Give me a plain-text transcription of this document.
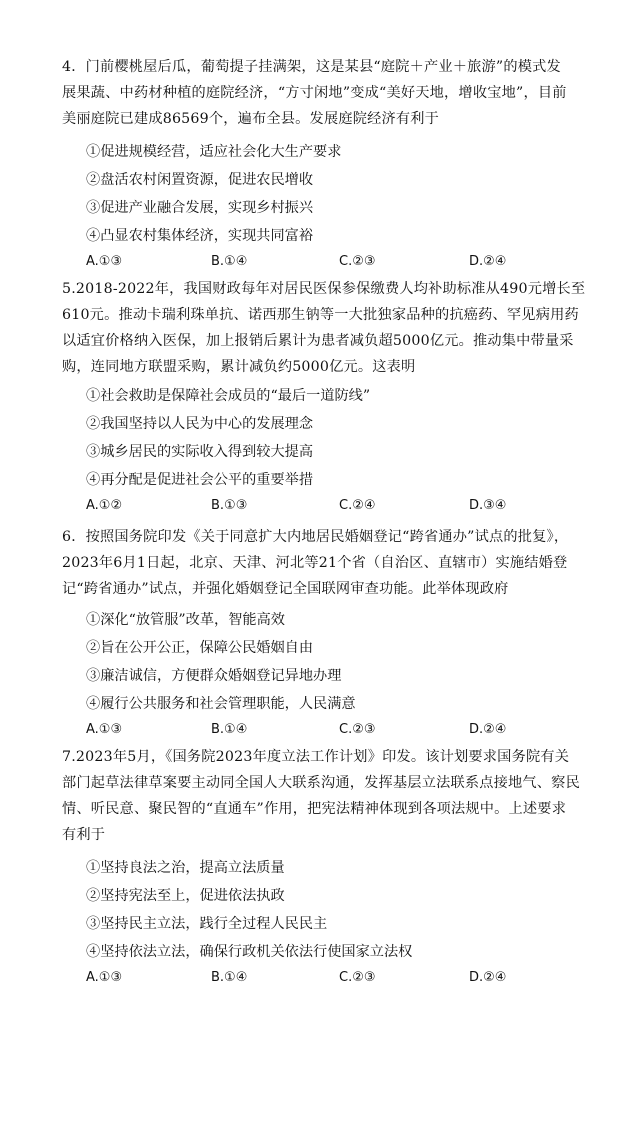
4．门前樱桃屋后瓜，葡萄提子挂满架，这是某县“庭院＋产业＋旅游”的模式发
展果蔬、中药材种植的庭院经济，“方寸闲地”变成“美好天地，增收宝地”，目前
美丽庭院已建成86569个，遍布全县。发展庭院经济有利于

①促进规模经营，适应社会化大生产要求

②盘活农村闲置资源，促进农民增收

③促进产业融合发展，实现乡村振兴

④凸显农村集体经济，实现共同富裕

A.①③	B.①④	C.②③	D.②④

5.2018-2022年，我国财政每年对居民医保参保缴费人均补助标准从490元增长至
610元。推动卡瑞利珠单抗、诺西那生钠等一大批独家品种的抗癌药、罕见病用药
以适宜价格纳入医保，加上报销后累计为患者减负超5000亿元。推动集中带量采
购，连同地方联盟采购，累计减负约5000亿元。这表明

①社会救助是保障社会成员的“最后一道防线”

②我国坚持以人民为中心的发展理念

③城乡居民的实际收入得到较大提高

④再分配是促进社会公平的重要举措

A.①②	B.①③	C.②④	D.③④

6．按照国务院印发《关于同意扩大内地居民婚姻登记“跨省通办”试点的批复》，
2023年6月1日起，北京、天津、河北等21个省（自治区、直辖市）实施结婚登
记“跨省通办”试点，并强化婚姻登记全国联网审查功能。此举体现政府

①深化“放管服”改革，智能高效

②旨在公开公正，保障公民婚姻自由

③廉洁诚信，方便群众婚姻登记异地办理

④履行公共服务和社会管理职能，人民满意

A.①③	B.①④	C.②③	D.②④

7.2023年5月，《国务院2023年度立法工作计划》印发。该计划要求国务院有关
部门起草法律草案要主动同全国人大联系沟通，发挥基层立法联系点接地气、察民
情、听民意、聚民智的“直通车”作用，把宪法精神体现到各项法规中。上述要求
有利于

①坚持良法之治，提高立法质量

②坚持宪法至上，促进依法执政

③坚持民主立法，践行全过程人民民主

④坚持依法立法，确保行政机关依法行使国家立法权

A.①③	B.①④	C.②③	D.②④
